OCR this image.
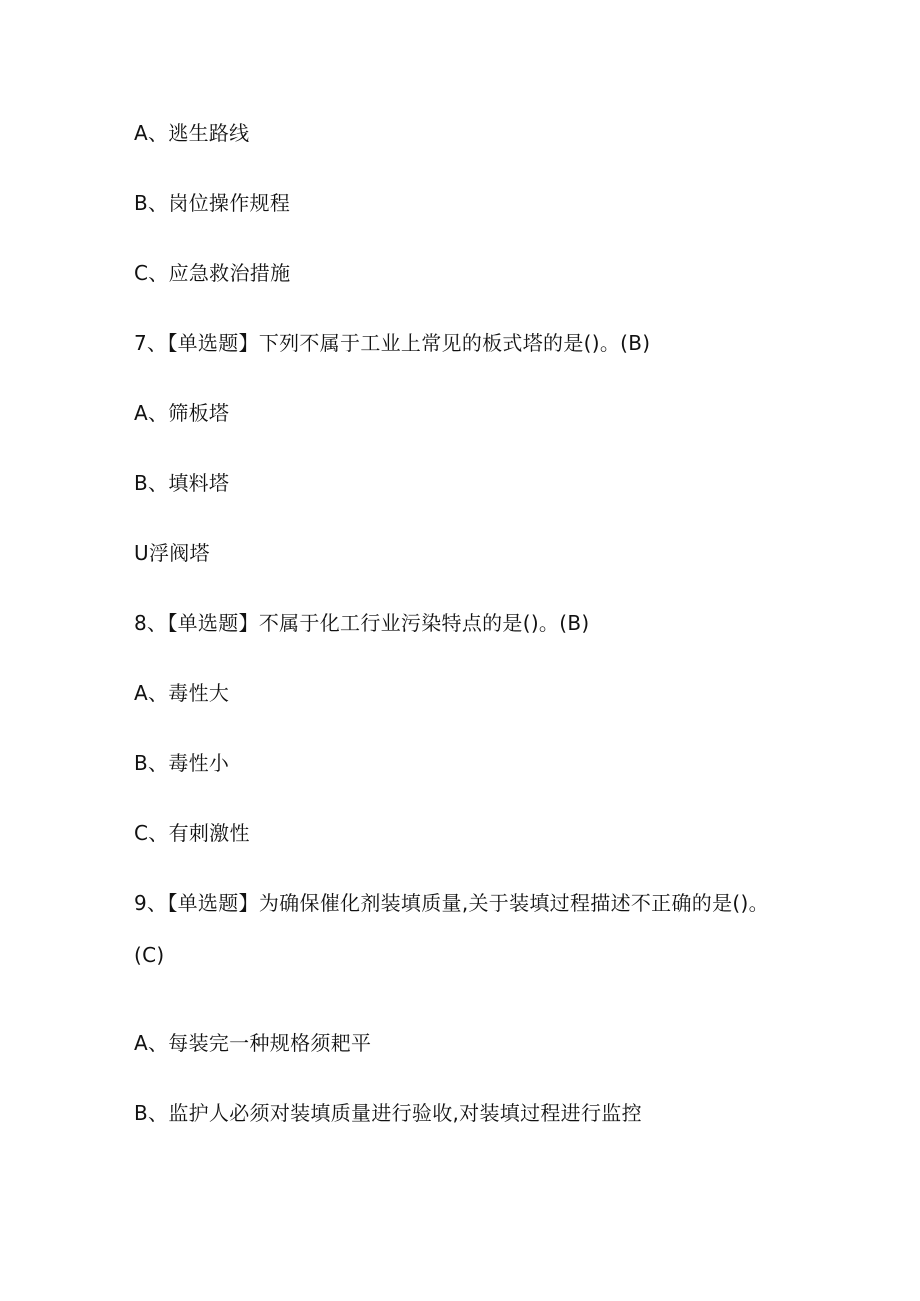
A、逃生路线
B、岗位操作规程
C、应急救治措施
7、【单选题】下列不属于工业上常见的板式塔的是()。(B)
A、筛板塔
B、填料塔
U浮阀塔
8、【单选题】不属于化工行业污染特点的是()。(B)
A、毒性大
B、毒性小
C、有刺激性
9、【单选题】为确保催化剂装填质量,关于装填过程描述不正确的是()。
(C)
A、每装完一种规格须耙平
B、监护人必须对装填质量进行验收,对装填过程进行监控
